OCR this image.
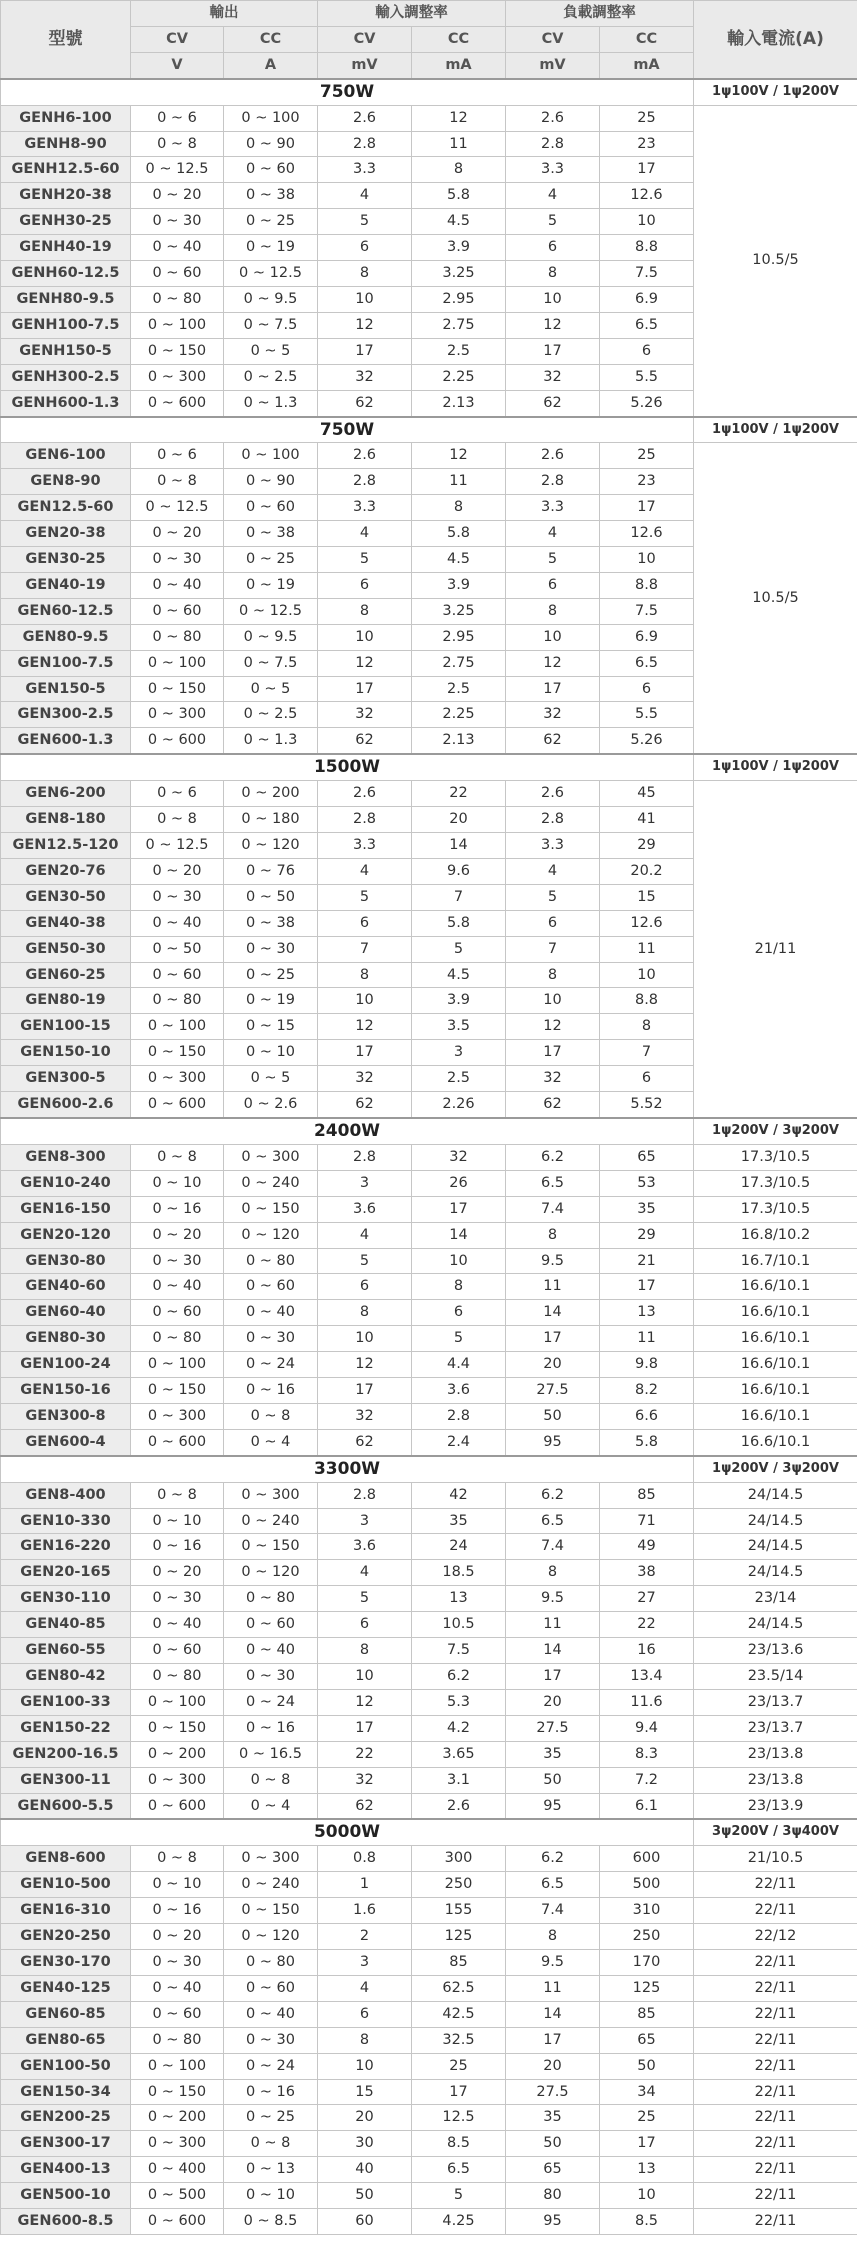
型號	輸出		輸入調整率		負載調整率		輸入電流(A)
	CV	CC	CV	CC	CV	CC	
	V	A	mV	mA	mV	mA	
750W							1ψ100V / 1ψ200V
GENH6-100	0 ~ 6	0 ~ 100	2.6	12	2.6	25	10.5/5
GENH8-90	0 ~ 8	0 ~ 90	2.8	11	2.8	23	
GENH12.5-60	0 ~ 12.5	0 ~ 60	3.3	8	3.3	17	
GENH20-38	0 ~ 20	0 ~ 38	4	5.8	4	12.6	
GENH30-25	0 ~ 30	0 ~ 25	5	4.5	5	10	
GENH40-19	0 ~ 40	0 ~ 19	6	3.9	6	8.8	
GENH60-12.5	0 ~ 60	0 ~ 12.5	8	3.25	8	7.5	
GENH80-9.5	0 ~ 80	0 ~ 9.5	10	2.95	10	6.9	
GENH100-7.5	0 ~ 100	0 ~ 7.5	12	2.75	12	6.5	
GENH150-5	0 ~ 150	0 ~ 5	17	2.5	17	6	
GENH300-2.5	0 ~ 300	0 ~ 2.5	32	2.25	32	5.5	
GENH600-1.3	0 ~ 600	0 ~ 1.3	62	2.13	62	5.26	
750W							1ψ100V / 1ψ200V
GEN6-100	0 ~ 6	0 ~ 100	2.6	12	2.6	25	10.5/5
GEN8-90	0 ~ 8	0 ~ 90	2.8	11	2.8	23	
GEN12.5-60	0 ~ 12.5	0 ~ 60	3.3	8	3.3	17	
GEN20-38	0 ~ 20	0 ~ 38	4	5.8	4	12.6	
GEN30-25	0 ~ 30	0 ~ 25	5	4.5	5	10	
GEN40-19	0 ~ 40	0 ~ 19	6	3.9	6	8.8	
GEN60-12.5	0 ~ 60	0 ~ 12.5	8	3.25	8	7.5	
GEN80-9.5	0 ~ 80	0 ~ 9.5	10	2.95	10	6.9	
GEN100-7.5	0 ~ 100	0 ~ 7.5	12	2.75	12	6.5	
GEN150-5	0 ~ 150	0 ~ 5	17	2.5	17	6	
GEN300-2.5	0 ~ 300	0 ~ 2.5	32	2.25	32	5.5	
GEN600-1.3	0 ~ 600	0 ~ 1.3	62	2.13	62	5.26	
1500W							1ψ100V / 1ψ200V
GEN6-200	0 ~ 6	0 ~ 200	2.6	22	2.6	45	21/11
GEN8-180	0 ~ 8	0 ~ 180	2.8	20	2.8	41	
GEN12.5-120	0 ~ 12.5	0 ~ 120	3.3	14	3.3	29	
GEN20-76	0 ~ 20	0 ~ 76	4	9.6	4	20.2	
GEN30-50	0 ~ 30	0 ~ 50	5	7	5	15	
GEN40-38	0 ~ 40	0 ~ 38	6	5.8	6	12.6	
GEN50-30	0 ~ 50	0 ~ 30	7	5	7	11	
GEN60-25	0 ~ 60	0 ~ 25	8	4.5	8	10	
GEN80-19	0 ~ 80	0 ~ 19	10	3.9	10	8.8	
GEN100-15	0 ~ 100	0 ~ 15	12	3.5	12	8	
GEN150-10	0 ~ 150	0 ~ 10	17	3	17	7	
GEN300-5	0 ~ 300	0 ~ 5	32	2.5	32	6	
GEN600-2.6	0 ~ 600	0 ~ 2.6	62	2.26	62	5.52	
2400W							1ψ200V / 3ψ200V
GEN8-300	0 ~ 8	0 ~ 300	2.8	32	6.2	65	17.3/10.5
GEN10-240	0 ~ 10	0 ~ 240	3	26	6.5	53	17.3/10.5
GEN16-150	0 ~ 16	0 ~ 150	3.6	17	7.4	35	17.3/10.5
GEN20-120	0 ~ 20	0 ~ 120	4	14	8	29	16.8/10.2
GEN30-80	0 ~ 30	0 ~ 80	5	10	9.5	21	16.7/10.1
GEN40-60	0 ~ 40	0 ~ 60	6	8	11	17	16.6/10.1
GEN60-40	0 ~ 60	0 ~ 40	8	6	14	13	16.6/10.1
GEN80-30	0 ~ 80	0 ~ 30	10	5	17	11	16.6/10.1
GEN100-24	0 ~ 100	0 ~ 24	12	4.4	20	9.8	16.6/10.1
GEN150-16	0 ~ 150	0 ~ 16	17	3.6	27.5	8.2	16.6/10.1
GEN300-8	0 ~ 300	0 ~ 8	32	2.8	50	6.6	16.6/10.1
GEN600-4	0 ~ 600	0 ~ 4	62	2.4	95	5.8	16.6/10.1
3300W							1ψ200V / 3ψ200V
GEN8-400	0 ~ 8	0 ~ 300	2.8	42	6.2	85	24/14.5
GEN10-330	0 ~ 10	0 ~ 240	3	35	6.5	71	24/14.5
GEN16-220	0 ~ 16	0 ~ 150	3.6	24	7.4	49	24/14.5
GEN20-165	0 ~ 20	0 ~ 120	4	18.5	8	38	24/14.5
GEN30-110	0 ~ 30	0 ~ 80	5	13	9.5	27	23/14
GEN40-85	0 ~ 40	0 ~ 60	6	10.5	11	22	24/14.5
GEN60-55	0 ~ 60	0 ~ 40	8	7.5	14	16	23/13.6
GEN80-42	0 ~ 80	0 ~ 30	10	6.2	17	13.4	23.5/14
GEN100-33	0 ~ 100	0 ~ 24	12	5.3	20	11.6	23/13.7
GEN150-22	0 ~ 150	0 ~ 16	17	4.2	27.5	9.4	23/13.7
GEN200-16.5	0 ~ 200	0 ~ 16.5	22	3.65	35	8.3	23/13.8
GEN300-11	0 ~ 300	0 ~ 8	32	3.1	50	7.2	23/13.8
GEN600-5.5	0 ~ 600	0 ~ 4	62	2.6	95	6.1	23/13.9
5000W							3ψ200V / 3ψ400V
GEN8-600	0 ~ 8	0 ~ 300	0.8	300	6.2	600	21/10.5
GEN10-500	0 ~ 10	0 ~ 240	1	250	6.5	500	22/11
GEN16-310	0 ~ 16	0 ~ 150	1.6	155	7.4	310	22/11
GEN20-250	0 ~ 20	0 ~ 120	2	125	8	250	22/12
GEN30-170	0 ~ 30	0 ~ 80	3	85	9.5	170	22/11
GEN40-125	0 ~ 40	0 ~ 60	4	62.5	11	125	22/11
GEN60-85	0 ~ 60	0 ~ 40	6	42.5	14	85	22/11
GEN80-65	0 ~ 80	0 ~ 30	8	32.5	17	65	22/11
GEN100-50	0 ~ 100	0 ~ 24	10	25	20	50	22/11
GEN150-34	0 ~ 150	0 ~ 16	15	17	27.5	34	22/11
GEN200-25	0 ~ 200	0 ~ 25	20	12.5	35	25	22/11
GEN300-17	0 ~ 300	0 ~ 8	30	8.5	50	17	22/11
GEN400-13	0 ~ 400	0 ~ 13	40	6.5	65	13	22/11
GEN500-10	0 ~ 500	0 ~ 10	50	5	80	10	22/11
GEN600-8.5	0 ~ 600	0 ~ 8.5	60	4.25	95	8.5	22/11
